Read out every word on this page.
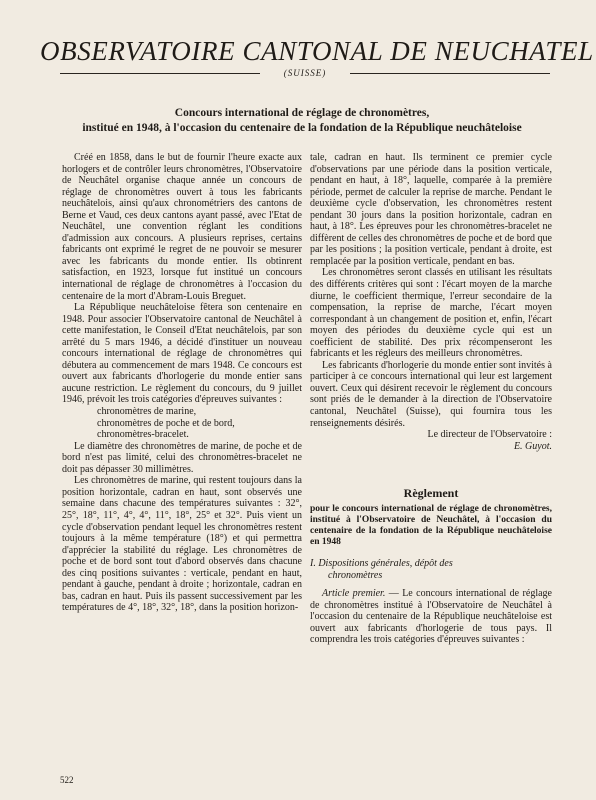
OBSERVATOIRE CANTONAL DE NEUCHATEL
(SUISSE)
Concours international de réglage de chronomètres,
institué en 1948, à l'occasion du centenaire de la fondation de la République neuchâteloise

Créé en 1858, dans le but de fournir l'heure exacte aux horlogers et de contrôler leurs chronomètres, l'Observatoire de Neuchâtel organise chaque année un concours de réglage de chronomètres ouvert à tous les fabricants neuchâtelois, ainsi qu'aux chronométriers des cantons de Berne et Vaud, ces deux cantons ayant passé, avec l'Etat de Neuchâtel, une convention réglant les conditions d'admission aux concours. A plusieurs reprises, certains fabricants ont exprimé le regret de ne pouvoir se mesurer avec les fabricants du monde entier. Ils obtinrent satisfaction, en 1923, lorsque fut institué un concours international de réglage de chronomètres à l'occasion du centenaire de la mort d'Abram-Louis Breguet.

La République neuchâteloise fêtera son centenaire en 1948. Pour associer l'Observatoire cantonal de Neuchâtel à cette manifestation, le Conseil d'Etat neuchâtelois, par son arrêté du 5 mars 1946, a décidé d'instituer un nouveau concours international de réglage de chronomètres qui débutera au commencement de mars 1948. Ce concours est ouvert aux fabricants d'horlogerie du monde entier sans aucune restriction. Le règlement du concours, du 9 juillet 1946, prévoit les trois catégories d'épreuves suivantes :

chronomètres de marine,
chronomètres de poche et de bord,
chronomètres-bracelet.

Le diamètre des chronomètres de marine, de poche et de bord n'est pas limité, celui des chronomètres-bracelet ne doit pas dépasser 30 millimètres.

Les chronomètres de marine, qui restent toujours dans la position horizontale, cadran en haut, sont observés une semaine dans chacune des températures suivantes : 32°, 25°, 18°, 11°, 4°, 4°, 11°, 18°, 25° et 32°. Puis vient un cycle d'observation pendant lequel les chronomètres restent toujours à la même température (18°) et qui permettra d'apprécier la stabilité du réglage. Les chronomètres de poche et de bord sont tout d'abord observés dans chacune des cinq positions suivantes : verticale, pendant en haut, pendant à gauche, pendant à droite ; horizontale, cadran en bas, cadran en haut. Puis ils passent successivement par les températures de 4°, 18°, 32°, 18°, dans la position horizon-

tale, cadran en haut. Ils terminent ce premier cycle d'observations par une période dans la position verticale, pendant en haut, à 18°, laquelle, comparée à la première période, permet de calculer la reprise de marche. Pendant le deuxième cycle d'observation, les chronomètres restent pendant 30 jours dans la position horizontale, cadran en haut, à 18°. Les épreuves pour les chronomètres-bracelet ne diffèrent de celles des chronomètres de poche et de bord que par les positions ; la position verticale, pendant à droite, est remplacée par la position verticale, pendant en bas.

Les chronomètres seront classés en utilisant les résultats des différents critères qui sont : l'écart moyen de la marche diurne, le coefficient thermique, l'erreur secondaire de la compensation, la reprise de marche, l'écart moyen correspondant à un changement de position et, enfin, l'écart moyen des périodes du deuxième cycle qui est un coefficient de stabilité. Des prix récompenseront les fabricants et les régleurs des meilleurs chronomètres.

Les fabricants d'horlogerie du monde entier sont invités à participer à ce concours international qui leur est largement ouvert. Ceux qui désirent recevoir le règlement du concours sont priés de le demander à la direction de l'Observatoire cantonal, Neuchâtel (Suisse), qui fournira tous les renseignements désirés.

Le directeur de l'Observatoire :

E. Guyot.

Règlement
pour le concours international de réglage de chronomètres, institué à l'Observatoire de Neuchâtel, à l'occasion du centenaire de la fondation de la République neuchâteloise en 1948
I. Dispositions générales, dépôt des
chronomètres

Article premier. — Le concours international de réglage de chronomètres institué à l'Observatoire de Neuchâtel à l'occasion du centenaire de la République neuchâteloise est ouvert aux fabricants d'horlogerie de tous pays. Il comprendra les trois catégories d'épreuves suivantes :

522
